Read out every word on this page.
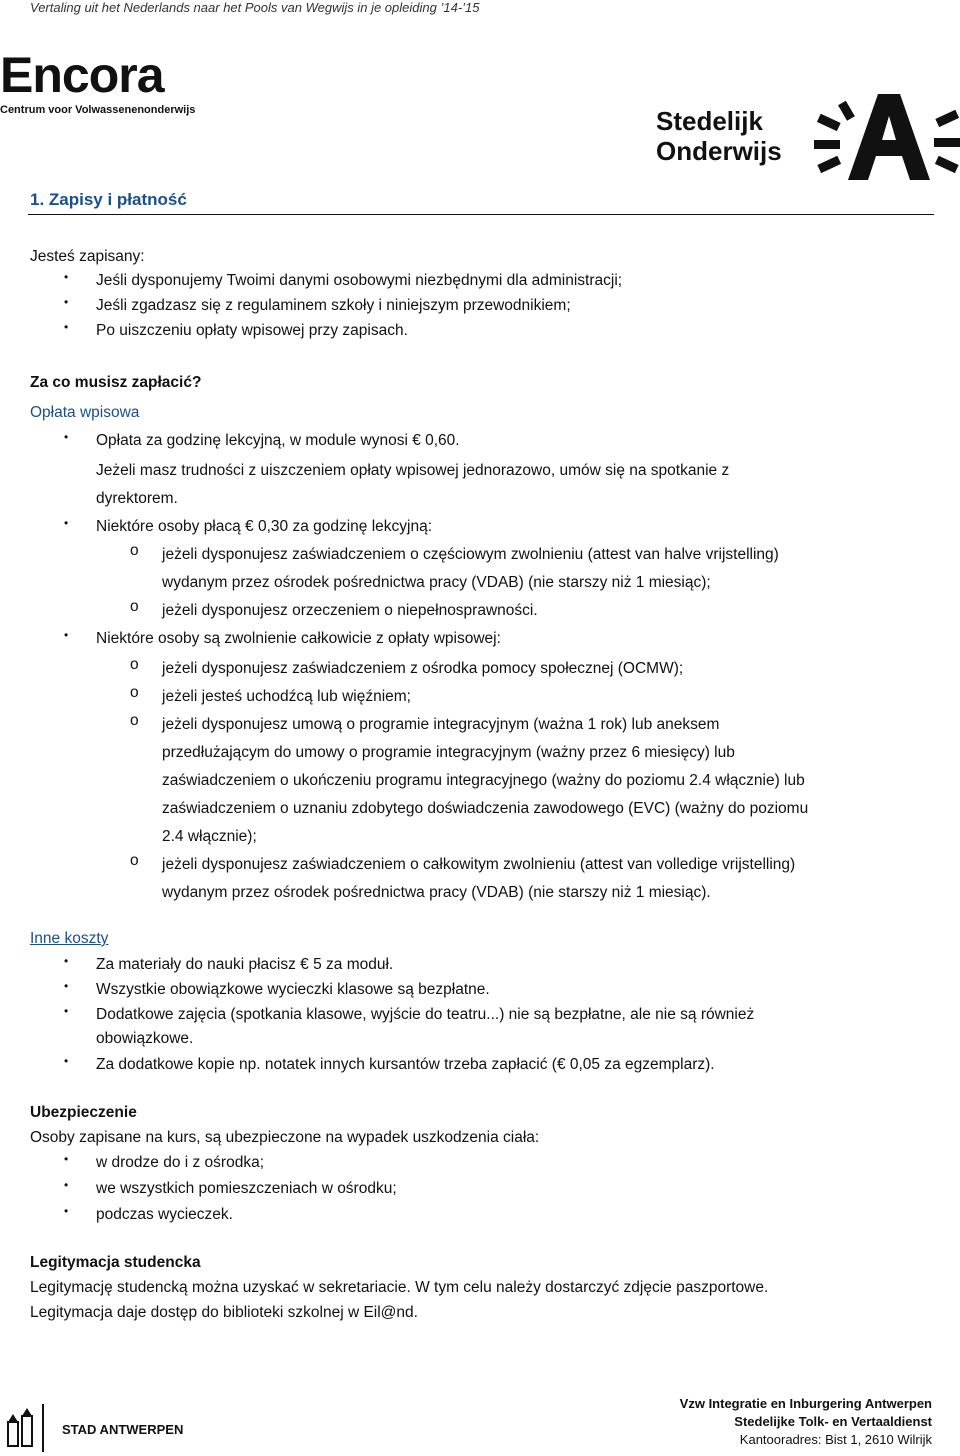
Vertaling uit het Nederlands naar het Pools van Wegwijs in je opleiding ’14-’15
Encora
Centrum voor Volwassenenonderwijs	Stedelijk
Onderwijs
1. Zapisy i płatność
Jesteś zapisany:
• Jeśli dysponujemy Twoimi danymi osobowymi niezbędnymi dla administracji;
• Jeśli zgadzasz się z regulaminem szkoły i niniejszym przewodnikiem;
• Po uiszczeniu opłaty wpisowej przy zapisach.
Za co musisz zapłacić?
Opłata wpisowa
• Opłata za godzinę lekcyjną, w module wynosi € 0,60.
Jeżeli masz trudności z uiszczeniem opłaty wpisowej jednorazowo, umów się na spotkanie z
dyrektorem.
• Niektóre osoby płacą € 0,30 za godzinę lekcyjną:
o jeżeli dysponujesz zaświadczeniem o częściowym zwolnieniu (attest van halve vrijstelling)
wydanym przez ośrodek pośrednictwa pracy (VDAB) (nie starszy niż 1 miesiąc);
o jeżeli dysponujesz orzeczeniem o niepełnosprawności.
• Niektóre osoby są zwolnienie całkowicie z opłaty wpisowej:
o jeżeli dysponujesz zaświadczeniem z ośrodka pomocy społecznej (OCMW);
o jeżeli jesteś uchodźcą lub więźniem;
o jeżeli dysponujesz umową o programie integracyjnym (ważna 1 rok) lub aneksem
przedłużającym do umowy o programie integracyjnym (ważny przez 6 miesięcy) lub
zaświadczeniem o ukończeniu programu integracyjnego (ważny do poziomu 2.4 włącznie) lub
zaświadczeniem o uznaniu zdobytego doświadczenia zawodowego (EVC) (ważny do poziomu
2.4 włącznie);
o jeżeli dysponujesz zaświadczeniem o całkowitym zwolnieniu (attest van volledige vrijstelling)
wydanym przez ośrodek pośrednictwa pracy (VDAB) (nie starszy niż 1 miesiąc).
Inne koszty
• Za materiały do nauki płacisz € 5 za moduł.
• Wszystkie obowiązkowe wycieczki klasowe są bezpłatne.
• Dodatkowe zajęcia (spotkania klasowe, wyjście do teatru...) nie są bezpłatne, ale nie są również
obowiązkowe.
• Za dodatkowe kopie np. notatek innych kursantów trzeba zapłacić (€ 0,05 za egzemplarz).
Ubezpieczenie
Osoby zapisane na kurs, są ubezpieczone na wypadek uszkodzenia ciała:
• w drodze do i z ośrodka;
• we wszystkich pomieszczeniach w ośrodku;
• podczas wycieczek.
Legitymacja studencka
Legitymację studencką można uzyskać w sekretariacie. W tym celu należy dostarczyć zdjęcie paszportowe.
Legitymacja daje dostęp do biblioteki szkolnej w Eil@nd.
STAD ANTWERPEN
Vzw Integratie en Inburgering Antwerpen
Stedelijke Tolk- en Vertaaldienst
Kantooradres: Bist 1, 2610 Wilrijk
